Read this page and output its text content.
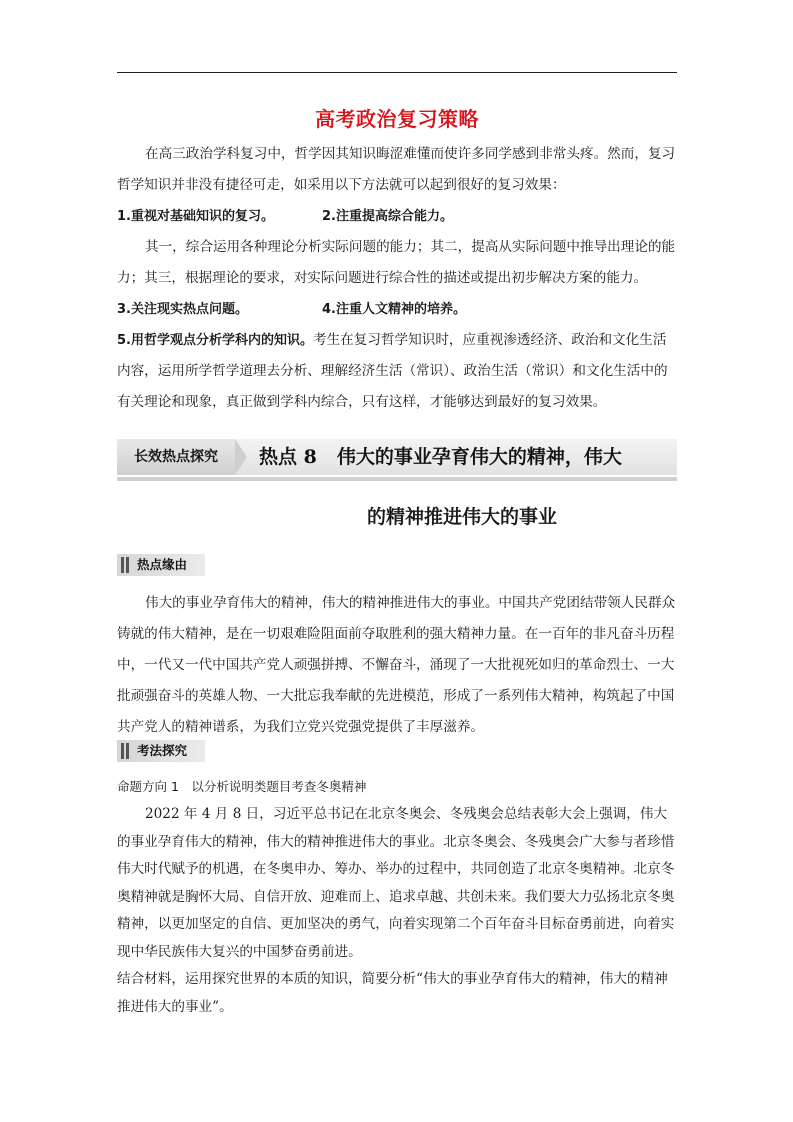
高考政治复习策略

在高三政治学科复习中，哲学因其知识晦涩难懂而使许多同学感到非常头疼。然而，复习哲学知识并非没有捷径可走，如采用以下方法就可以起到很好的复习效果：

1.重视对基础知识的复习。	2.注重提高综合能力。

其一，综合运用各种理论分析实际问题的能力；其二，提高从实际问题中推导出理论的能力；其三，根据理论的要求，对实际问题进行综合性的描述或提出初步解决方案的能力。

3.关注现实热点问题。	4.注重人文精神的培养。

5.用哲学观点分析学科内的知识。考生在复习哲学知识时，应重视渗透经济、政治和文化生活内容，运用所学哲学道理去分析、理解经济生活（常识）、政治生活（常识）和文化生活中的有关理论和现象，真正做到学科内综合，只有这样，才能够达到最好的复习效果。

长效热点探究	热点 8 伟大的事业孕育伟大的精神，伟大
的精神推进伟大的事业
热点缘由

伟大的事业孕育伟大的精神，伟大的精神推进伟大的事业。中国共产党团结带领人民群众铸就的伟大精神，是在一切艰难险阻面前夺取胜利的强大精神力量。在一百年的非凡奋斗历程中，一代又一代中国共产党人顽强拼搏、不懈奋斗，涌现了一大批视死如归的革命烈士、一大批顽强奋斗的英雄人物、一大批忘我奉献的先进模范，形成了一系列伟大精神，构筑起了中国共产党人的精神谱系，为我们立党兴党强党提供了丰厚滋养。

考法探究
命题方向 1　以分析说明类题目考查冬奥精神

2022 年 4 月 8 日，习近平总书记在北京冬奥会、冬残奥会总结表彰大会上强调，伟大的事业孕育伟大的精神，伟大的精神推进伟大的事业。北京冬奥会、冬残奥会广大参与者珍惜伟大时代赋予的机遇，在冬奥申办、筹办、举办的过程中，共同创造了北京冬奥精神。北京冬奥精神就是胸怀大局、自信开放、迎难而上、追求卓越、共创未来。我们要大力弘扬北京冬奥精神，以更加坚定的自信、更加坚决的勇气，向着实现第二个百年奋斗目标奋勇前进，向着实现中华民族伟大复兴的中国梦奋勇前进。

结合材料，运用探究世界的本质的知识，简要分析“伟大的事业孕育伟大的精神，伟大的精神推进伟大的事业”。
